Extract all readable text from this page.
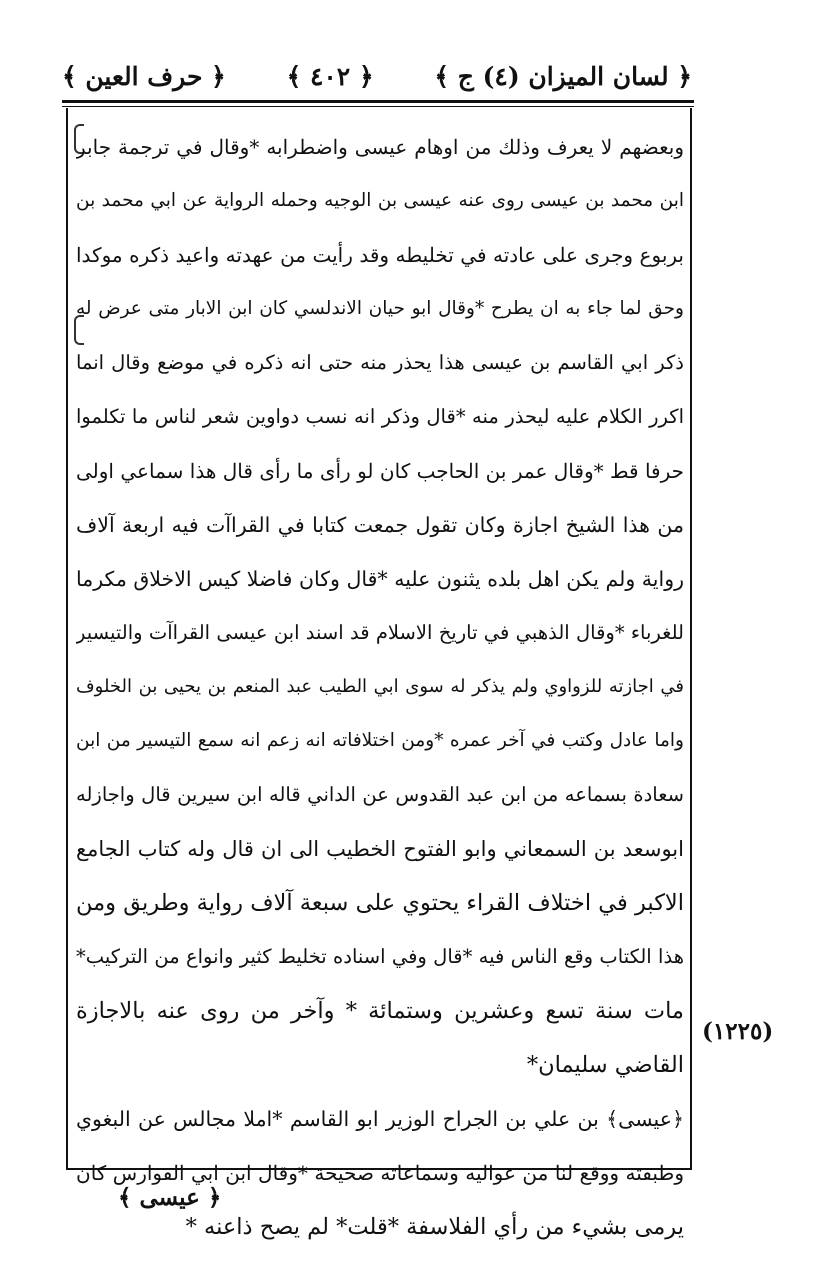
﴿ لسان الميزان (٤) ج ﴾
﴿ ٤٠٢ ﴾
﴿ حرف العين ﴾
وبعضهم لا يعرف وذلك من اوهام عيسى واضطرابه *وقال في ترجمة جابر
ابن محمد بن عيسى روى عنه عيسى بن الوجيه وحمله الرواية عن ابي محمد بن
بربوع وجرى على عادته في تخليطه وقد رأيت من عهدته واعيد ذكره موكدا
وحق لما جاء به ان يطرح *وقال ابو حيان الاندلسي كان ابن الابار متى عرض له
ذكر ابي القاسم بن عيسى هذا يحذر منه حتى انه ذكره في موضع وقال انما
اكرر الكلام عليه ليحذر منه *قال وذكر انه نسب دواوين شعر لناس ما تكلموا
حرفا قط *وقال عمر بن الحاجب كان لو رأى ما رأى قال هذا سماعي اولى
من هذا الشيخ اجازة وكان تقول جمعت كتابا في القراآت فيه اربعة آلاف
رواية ولم يكن اهل بلده يثنون عليه *قال وكان فاضلا كيس الاخلاق مكرما
للغرباء *وقال الذهبي في تاريخ الاسلام قد اسند ابن عيسى القراآت والتيسير
في اجازته للزواوي ولم يذكر له سوى ابي الطيب عبد المنعم بن يحيى بن الخلوف
واما عادل وكتب في آخر عمره *ومن اختلافاته انه زعم انه سمع التيسير من ابن
سعادة بسماعه من ابن عبد القدوس عن الداني قاله ابن سيرين قال واجازله
ابوسعد بن السمعاني وابو الفتوح الخطيب الى ان قال وله كتاب الجامع
الاكبر في اختلاف القراء يحتوي على سبعة آلاف رواية وطريق ومن
هذا الكتاب وقع الناس فيه *قال وفي اسناده تخليط كثير وانواع من التركيب*
مات سنة تسع وعشرين وستمائة * وآخر من روى عنه بالاجازة
القاضي سليمان*
﴿عيسى﴾ بن علي بن الجراح الوزير ابو القاسم *املا مجالس عن البغوي
وطبقته ووقع لنا من عواليه وسماعاته صحيحة *وقال ابن ابي الفوارس كان
يرمى بشيء من رأي الفلاسفة *قلت* لم يصح ذاعنه *
(١٢٢٥)
﴿ عيسى ﴾
